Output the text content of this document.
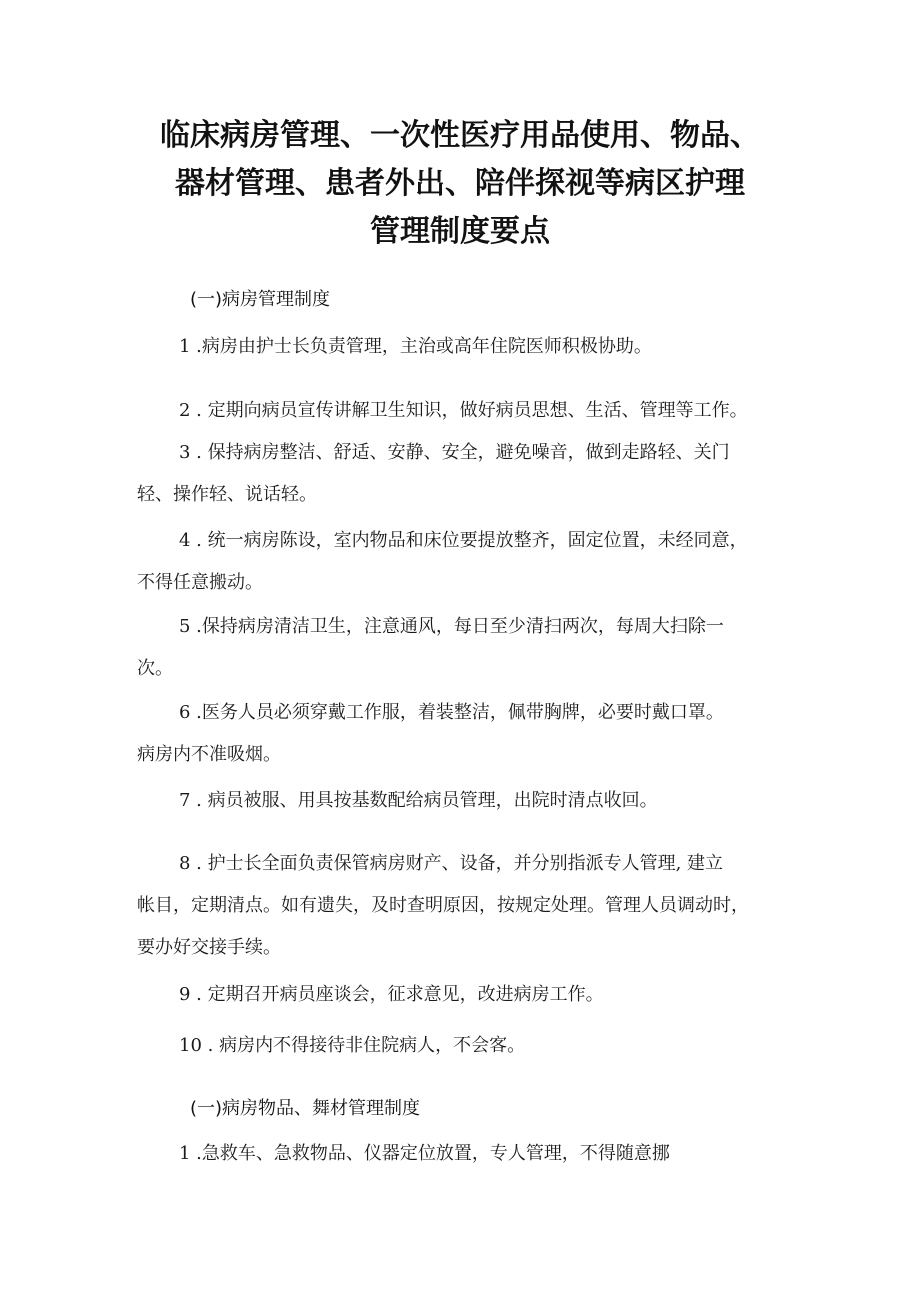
临床病房管理、一次性医疗用品使用、物品、
器材管理、患者外出、陪伴探视等病区护理
管理制度要点
(一)病房管理制度
1 .病房由护士长负责管理，主治或高年住院医师积极协助。
2 . 定期向病员宣传讲解卫生知识，做好病员思想、生活、管理等工作。
3 . 保持病房整洁、舒适、安静、安全，避免噪音，做到走路轻、关门
轻、操作轻、说话轻。
4 . 统一病房陈设，室内物品和床位要提放整齐，固定位置，未经同意，
不得任意搬动。
5 .保持病房清洁卫生，注意通风，每日至少清扫两次，每周大扫除一
次。
6 .医务人员必须穿戴工作服，着装整洁，佩带胸牌，必要时戴口罩。
病房内不准吸烟。
7 . 病员被服、用具按基数配给病员管理，出院时清点收回。
8 . 护士长全面负责保管病房财产、设备，并分别指派专人管理, 建立
帐目，定期清点。如有遗失，及时查明原因，按规定处理。管理人员调动时，
要办好交接手续。
9 . 定期召开病员座谈会，征求意见，改进病房工作。
10 . 病房内不得接待非住院病人，不会客。
(一)病房物品、舞材管理制度
1 .急救车、急救物品、仪器定位放置，专人管理，不得随意挪
